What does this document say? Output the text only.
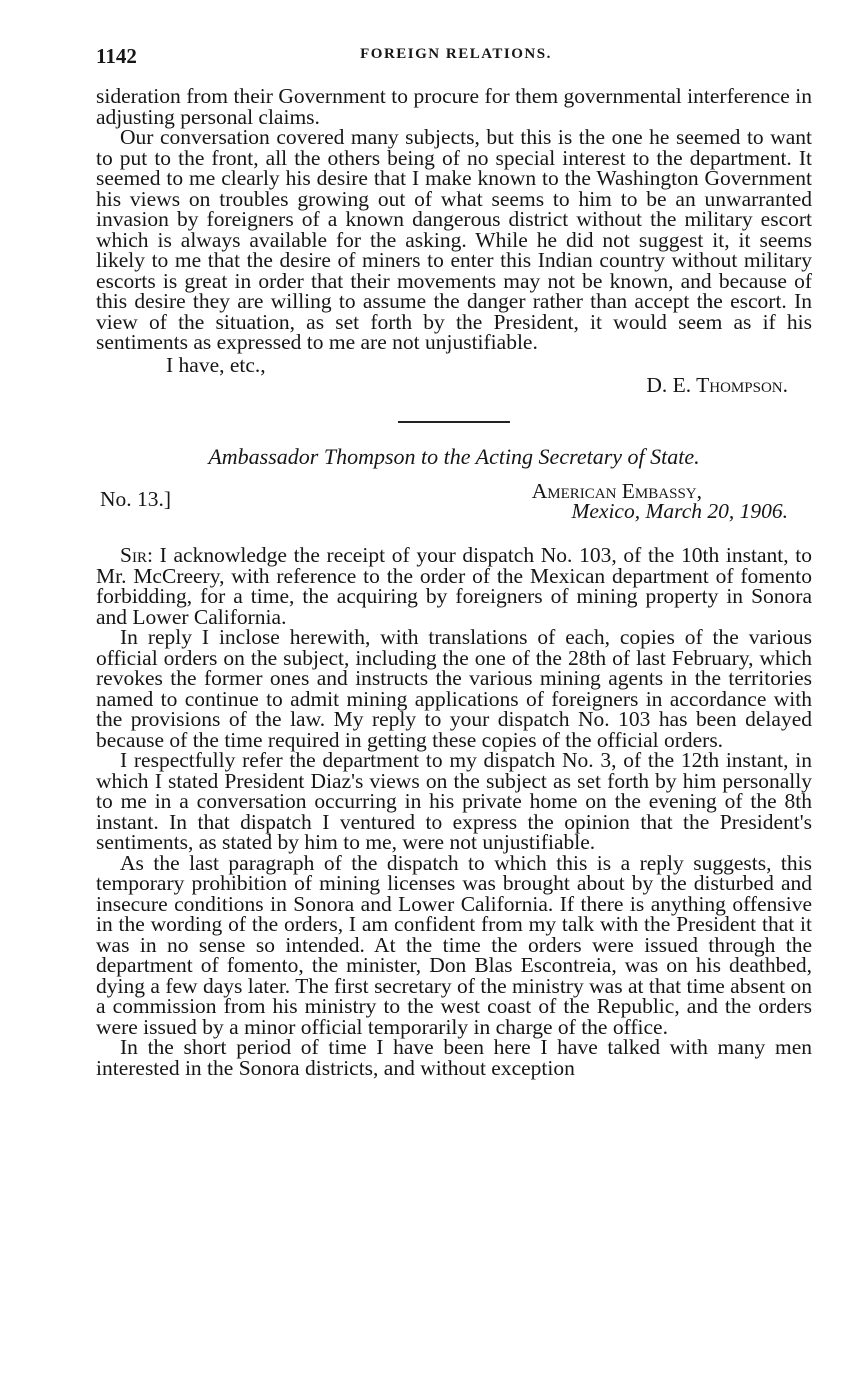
1142	FOREIGN RELATIONS.

sideration from their Government to procure for them governmental interference in adjusting personal claims.

Our conversation covered many subjects, but this is the one he seemed to want to put to the front, all the others being of no special interest to the department. It seemed to me clearly his desire that I make known to the Washington Government his views on troubles growing out of what seems to him to be an unwarranted invasion by foreigners of a known dangerous district without the military escort which is always available for the asking. While he did not suggest it, it seems likely to me that the desire of miners to enter this Indian country without military escorts is great in order that their movements may not be known, and because of this desire they are willing to assume the danger rather than accept the escort. In view of the situation, as set forth by the President, it would seem as if his sentiments as expressed to me are not unjustifiable.

I have, etc.,
D. E. Thompson.
Ambassador Thompson to the Acting Secretary of State.
No. 13.]	American Embassy,
Mexico, March 20, 1906.

Sir: I acknowledge the receipt of your dispatch No. 103, of the 10th instant, to Mr. McCreery, with reference to the order of the Mexican department of fomento forbidding, for a time, the acquiring by foreigners of mining property in Sonora and Lower California.

In reply I inclose herewith, with translations of each, copies of the various official orders on the subject, including the one of the 28th of last February, which revokes the former ones and instructs the various mining agents in the territories named to continue to admit mining applications of foreigners in accordance with the provisions of the law. My reply to your dispatch No. 103 has been delayed because of the time required in getting these copies of the official orders.

I respectfully refer the department to my dispatch No. 3, of the 12th instant, in which I stated President Diaz's views on the subject as set forth by him personally to me in a conversation occurring in his private home on the evening of the 8th instant. In that dispatch I ventured to express the opinion that the President's sentiments, as stated by him to me, were not unjustifiable.

As the last paragraph of the dispatch to which this is a reply suggests, this temporary prohibition of mining licenses was brought about by the disturbed and insecure conditions in Sonora and Lower California. If there is anything offensive in the wording of the orders, I am confident from my talk with the President that it was in no sense so intended. At the time the orders were issued through the department of fomento, the minister, Don Blas Escontreia, was on his deathbed, dying a few days later. The first secretary of the ministry was at that time absent on a commission from his ministry to the west coast of the Republic, and the orders were issued by a minor official temporarily in charge of the office.

In the short period of time I have been here I have talked with many men interested in the Sonora districts, and without exception
